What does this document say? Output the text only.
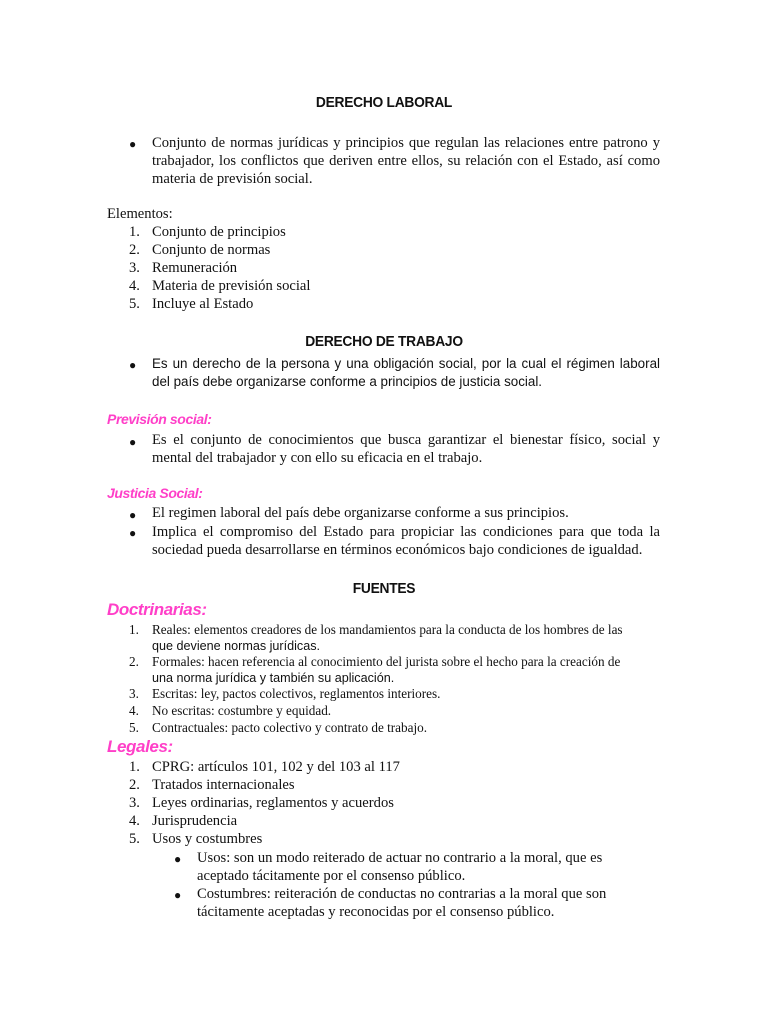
DERECHO LABORAL
● Conjunto de normas jurídicas y principios que regulan las relaciones entre patrono y
trabajador, los conflictos que deriven entre ellos, su relación con el Estado, así como
materia de previsión social.
Elementos:
1. Conjunto de principios
2. Conjunto de normas
3. Remuneración
4. Materia de previsión social
5. Incluye al Estado
DERECHO DE TRABAJO
● Es un derecho de la persona y una obligación social, por la cual el régimen laboral
del país debe organizarse conforme a principios de justicia social.
Previsión social:
● Es el conjunto de conocimientos que busca garantizar el bienestar físico, social y
mental del trabajador y con ello su eficacia en el trabajo.
Justicia Social:
● El regimen laboral del país debe organizarse conforme a sus principios.
● Implica el compromiso del Estado para propiciar las condiciones para que toda la
sociedad pueda desarrollarse en términos económicos bajo condiciones de igualdad.
FUENTES
Doctrinarias:
1. Reales: elementos creadores de los mandamientos para la conducta de los hombres de las
que deviene normas jurídicas.
2. Formales: hacen referencia al conocimiento del jurista sobre el hecho para la creación de
una norma jurídica y también su aplicación.
3. Escritas: ley, pactos colectivos, reglamentos interiores.
4. No escritas: costumbre y equidad.
5. Contractuales: pacto colectivo y contrato de trabajo.
Legales:
1. CPRG: artículos 101, 102 y del 103 al 117
2. Tratados internacionales
3. Leyes ordinarias, reglamentos y acuerdos
4. Jurisprudencia
5. Usos y costumbres
● Usos: son un modo reiterado de actuar no contrario a la moral, que es
aceptado tácitamente por el consenso público.
● Costumbres: reiteración de conductas no contrarias a la moral que son
tácitamente aceptadas y reconocidas por el consenso público.
